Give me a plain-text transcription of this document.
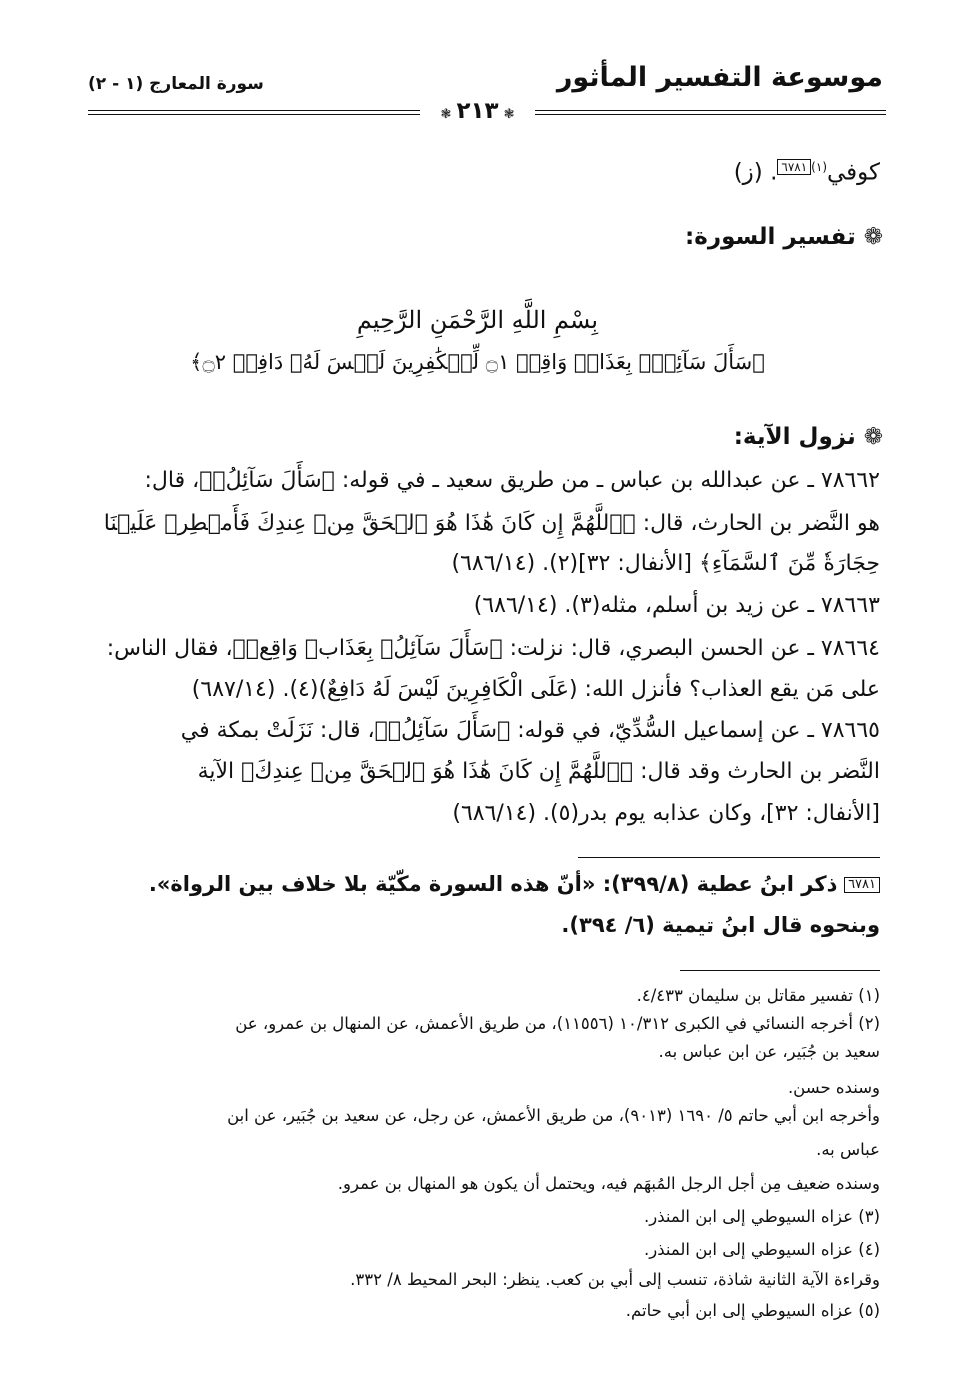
موسوعة التفسير المأثور
سورة المعارج (١ - ٢)
❃ ٢١٣ ❃
كوفي$^{(١)}$٦٧٨١. (ز)
❁تفسير السورة:
بِسْمِ اللَّهِ الرَّحْمَنِ الرَّحِيمِ
﴿سَأَلَ سَآئِلُۢ بِعَذَابٖ وَاقِعٖ ۝١ لِّلۡكَٰفِرِينَ لَيۡسَ لَهُۥ دَافِعٞ ۝٢﴾
❁نزول الآية:
٧٨٦٦٢ ـ عن عبدالله بن عباس ـ من طريق سعيد ـ في قوله: ﴿سَأَلَ سَآئِلُۢ﴾، قال:
هو النَّضر بن الحارث، قال: ﴿ٱللَّهُمَّ إِن كَانَ هَٰذَا هُوَ ٱلۡحَقَّ مِنۡ عِندِكَ فَأَمۡطِرۡ عَلَيۡنَا
حِجَارَةٗ مِّنَ ٱلسَّمَآءِ﴾ [الأنفال: ٣٢](٢). (٦٨٦/١٤)
٧٨٦٦٣ ـ عن زيد بن أسلم، مثله(٣). (٦٨٦/١٤)
٧٨٦٦٤ ـ عن الحسن البصري، قال: نزلت: ﴿سَأَلَ سَآئِلُۢ بِعَذَابٖ وَاقِعٖ﴾، فقال الناس:
على مَن يقع العذاب؟ فأنزل الله: (عَلَى الْكَافِرِينَ لَيْسَ لَهُ دَافِعٌ)(٤). (٦٨٧/١٤)
٧٨٦٦٥ ـ عن إسماعيل السُّدِّيّ، في قوله: ﴿سَأَلَ سَآئِلُۢ﴾، قال: نَزَلَتْ بمكة في
النَّضر بن الحارث وقد قال: ﴿ٱللَّهُمَّ إِن كَانَ هَٰذَا هُوَ ٱلۡحَقَّ مِنۡ عِندِكَ﴾ الآية
[الأنفال: ٣٢]، وكان عذابه يوم بدر(٥). (٦٨٦/١٤)
٦٧٨١ ذكر ابنُ عطية (٣٩٩/٨): «أنّ هذه السورة مكّيّة بلا خلاف بين الرواة».
وبنحوه قال ابنُ تيمية (٦/ ٣٩٤).
(١) تفسير مقاتل بن سليمان ٤/٤٣٣.
(٢) أخرجه النسائي في الكبرى ١٠/٣١٢ (١١٥٥٦)، من طريق الأعمش، عن المنهال بن عمرو، عن
سعيد بن جُبَير، عن ابن عباس به.
وسنده حسن.
وأخرجه ابن أبي حاتم ٥/ ١٦٩٠ (٩٠١٣)، من طريق الأعمش، عن رجل، عن سعيد بن جُبَير، عن ابن
عباس به.
وسنده ضعيف مِن أجل الرجل المُبهَم فيه، ويحتمل أن يكون هو المنهال بن عمرو.
(٣) عزاه السيوطي إلى ابن المنذر.
(٤) عزاه السيوطي إلى ابن المنذر.
وقراءة الآية الثانية شاذة، تنسب إلى أبي بن كعب. ينظر: البحر المحيط ٨/ ٣٣٢.
(٥) عزاه السيوطي إلى ابن أبي حاتم.
